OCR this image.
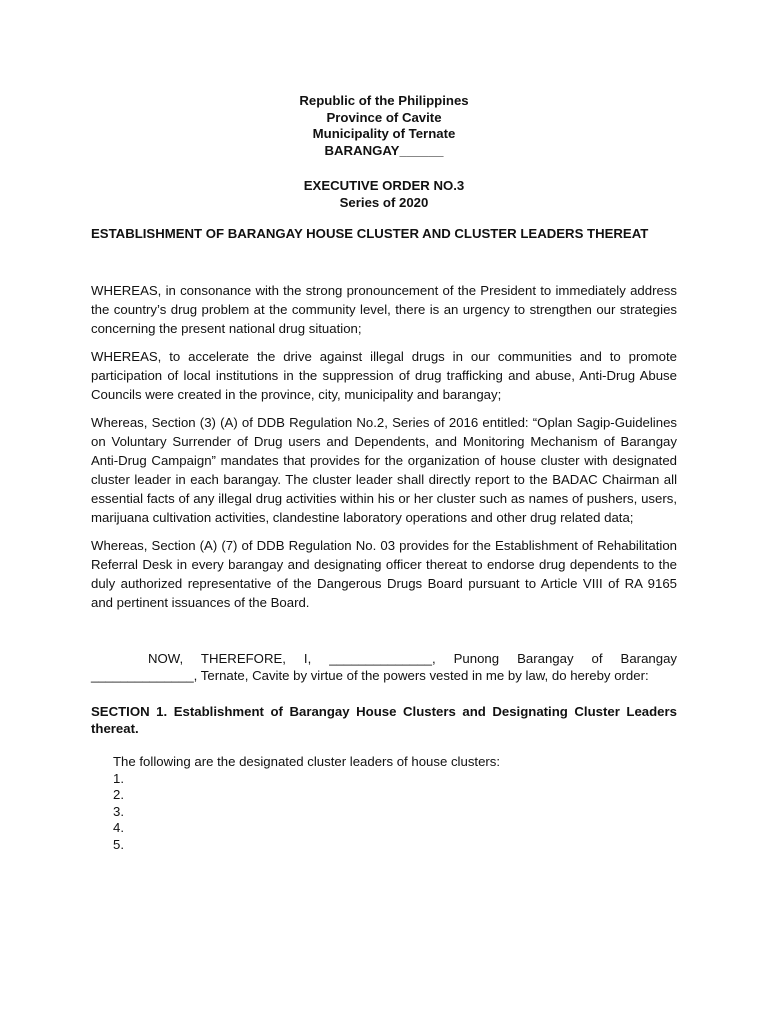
Republic of the Philippines
Province of Cavite
Municipality of Ternate
BARANGAY______
EXECUTIVE ORDER NO.3
Series of 2020
ESTABLISHMENT OF BARANGAY HOUSE CLUSTER AND CLUSTER LEADERS THEREAT

WHEREAS, in consonance with the strong pronouncement of the President to immediately address the country’s drug problem at the community level, there is an urgency to strengthen our strategies concerning the present national drug situation;

WHEREAS, to accelerate the drive against illegal drugs in our communities and to promote participation of local institutions in the suppression of drug trafficking and abuse, Anti-Drug Abuse Councils were created in the province, city, municipality and barangay;

Whereas, Section (3) (A) of DDB Regulation No.2, Series of 2016 entitled: “Oplan Sagip-Guidelines on Voluntary Surrender of Drug users and Dependents, and Monitoring Mechanism of Barangay Anti-Drug Campaign” mandates that provides for the organization of house cluster with designated cluster leader in each barangay. The cluster leader shall directly report to the BADAC Chairman all essential facts of any illegal drug activities within his or her cluster such as names of pushers, users, marijuana cultivation activities, clandestine laboratory operations and other drug related data;

Whereas, Section (A) (7) of DDB Regulation No. 03 provides for the Establishment of Rehabilitation Referral Desk in every barangay and designating officer thereat to endorse drug dependents to the duly authorized representative of the Dangerous Drugs Board pursuant to Article VIII of RA 9165 and pertinent issuances of the Board.

NOW, THEREFORE, I, ______________, Punong Barangay of Barangay ______________, Ternate, Cavite by virtue of the powers vested in me by law, do hereby order:

SECTION 1. Establishment of Barangay House Clusters and Designating Cluster Leaders thereat.
The following are the designated cluster leaders of house clusters:
1.
2.
3.
4.
5.
